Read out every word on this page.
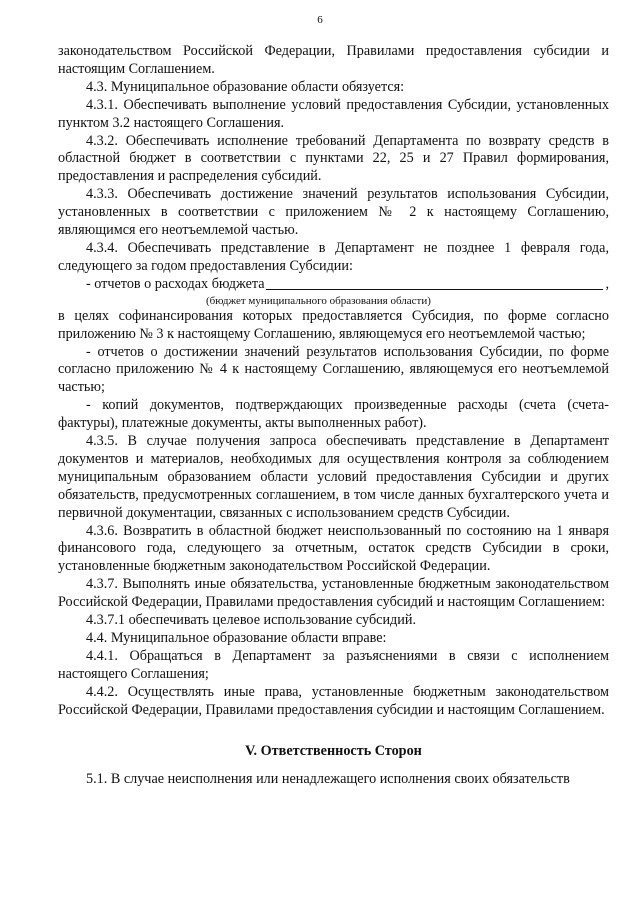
6

законодательством Российской Федерации, Правилами предоставления субсидии и настоящим Соглашением.

4.3. Муниципальное образование области обязуется:

4.3.1. Обеспечивать выполнение условий предоставления Субсидии, установленных пунктом 3.2 настоящего Соглашения.

4.3.2. Обеспечивать исполнение требований Департамента по возврату средств в областной бюджет в соответствии с пунктами 22, 25 и 27 Правил формирования, предоставления и распределения субсидий.

4.3.3. Обеспечивать достижение значений результатов использования Субсидии, установленных в соответствии с приложением № 2 к настоящему Соглашению, являющимся его неотъемлемой частью.

4.3.4. Обеспечивать представление в Департамент не позднее 1 февраля года, следующего за годом предоставления Субсидии:

- отчетов о расходах бюджета	,

(бюджет муниципального образования области)

в целях софинансирования которых предоставляется Субсидия, по форме согласно приложению № 3 к настоящему Соглашению, являющемуся его неотъемлемой частью;

- отчетов о достижении значений результатов использования Субсидии, по форме согласно приложению № 4 к настоящему Соглашению, являющемуся его неотъемлемой частью;

- копий документов, подтверждающих произведенные расходы (счета (счета-фактуры), платежные документы, акты выполненных работ).

4.3.5. В случае получения запроса обеспечивать представление в Департамент документов и материалов, необходимых для осуществления контроля за соблюдением муниципальным образованием области условий предоставления Субсидии и других обязательств, предусмотренных соглашением, в том числе данных бухгалтерского учета и первичной документации, связанных с использованием средств Субсидии.

4.3.6. Возвратить в областной бюджет неиспользованный по состоянию на 1 января финансового года, следующего за отчетным, остаток средств Субсидии в сроки, установленные бюджетным законодательством Российской Федерации.

4.3.7. Выполнять иные обязательства, установленные бюджетным законодательством Российской Федерации, Правилами предоставления субсидий и настоящим Соглашением:

4.3.7.1 обеспечивать целевое использование субсидий.

4.4. Муниципальное образование области вправе:

4.4.1. Обращаться в Департамент за разъяснениями в связи с исполнением настоящего Соглашения;

4.4.2. Осуществлять иные права, установленные бюджетным законодательством Российской Федерации, Правилами предоставления субсидии и настоящим Соглашением.

V. Ответственность Сторон

5.1. В случае неисполнения или ненадлежащего исполнения своих обязательств
